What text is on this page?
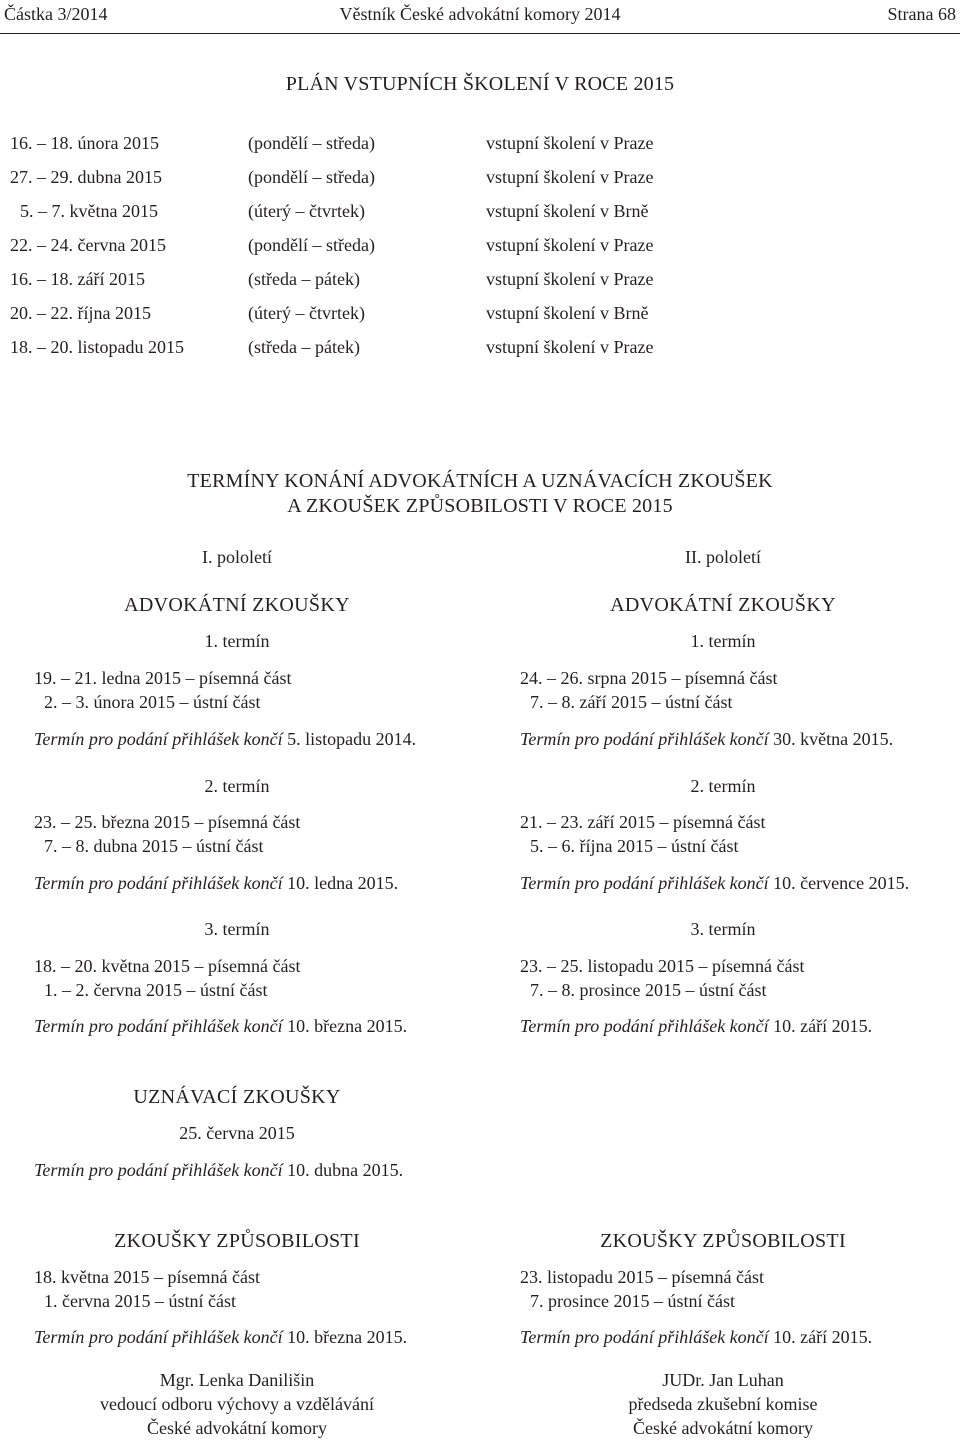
Částka 3/2014	Věstník České advokátní komory 2014	Strana 68
PLÁN VSTUPNÍCH ŠKOLENÍ V ROCE 2015
16. – 18. února 2015	(pondělí – středa)	vstupní školení v Praze
27. – 29. dubna 2015	(pondělí – středa)	vstupní školení v Praze
5. – 7. května 2015	(úterý – čtvrtek)	vstupní školení v Brně
22. – 24. června 2015	(pondělí – středa)	vstupní školení v Praze
16. – 18. září 2015	(středa – pátek)	vstupní školení v Praze
20. – 22. října 2015	(úterý – čtvrtek)	vstupní školení v Brně
18. – 20. listopadu 2015	(středa – pátek)	vstupní školení v Praze
TERMÍNY KONÁNÍ ADVOKÁTNÍCH A UZNÁVACÍCH ZKOUŠEK
A ZKOUŠEK ZPŮSOBILOSTI V ROCE 2015
I. pololetí
ADVOKÁTNÍ ZKOUŠKY
1. termín
19. – 21. ledna 2015 – písemná část
2. – 3. února 2015 – ústní část
Termín pro podání přihlášek končí 5. listopadu 2014.
2. termín
23. – 25. března 2015 – písemná část
7. – 8. dubna 2015 – ústní část
Termín pro podání přihlášek končí 10. ledna 2015.
3. termín
18. – 20. května 2015 – písemná část
1. – 2. června 2015 – ústní část
Termín pro podání přihlášek končí 10. března 2015.
II. pololetí
ADVOKÁTNÍ ZKOUŠKY
1. termín
24. – 26. srpna 2015 – písemná část
7. – 8. září 2015 – ústní část
Termín pro podání přihlášek končí 30. května 2015.
2. termín
21. – 23. září 2015 – písemná část
5. – 6. října 2015 – ústní část
Termín pro podání přihlášek končí 10. července 2015.
3. termín
23. – 25. listopadu 2015 – písemná část
7. – 8. prosince 2015 – ústní část
Termín pro podání přihlášek končí 10. září 2015.
UZNÁVACÍ ZKOUŠKY
25. června 2015
Termín pro podání přihlášek končí 10. dubna 2015.
ZKOUŠKY ZPŮSOBILOSTI
18. května 2015 – písemná část
1. června 2015 – ústní část
Termín pro podání přihlášek končí 10. března 2015.
ZKOUŠKY ZPŮSOBILOSTI
23. listopadu 2015 – písemná část
7. prosince 2015 – ústní část
Termín pro podání přihlášek končí 10. září 2015.
Mgr. Lenka Danilišin
vedoucí odboru výchovy a vzdělávání
České advokátní komory
JUDr. Jan Luhan
předseda zkušební komise
České advokátní komory
